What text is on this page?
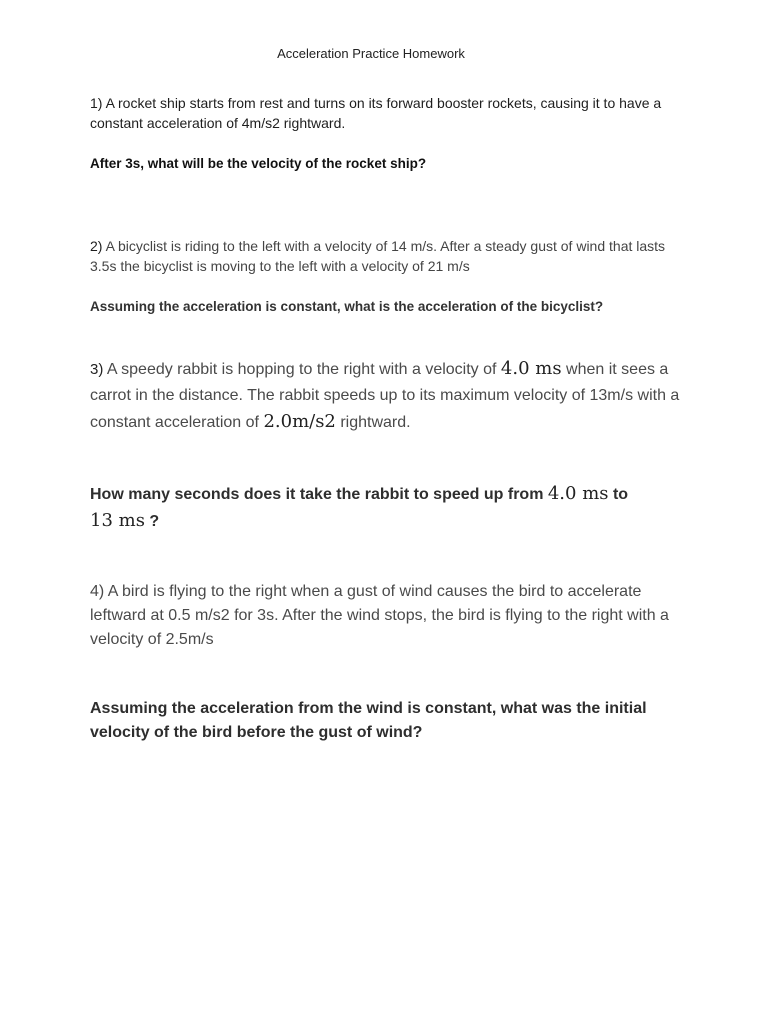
Acceleration Practice Homework
1) A rocket ship starts from rest and turns on its forward booster rockets, causing it to have a constant acceleration of 4m/s2 rightward.
After 3s, what will be the velocity of the rocket ship?
2) A bicyclist is riding to the left with a velocity of 14 m/s. After a steady gust of wind that lasts 3.5s the bicyclist is moving to the left with a velocity of 21 m/s
Assuming the acceleration is constant, what is the acceleration of the bicyclist?
3) A speedy rabbit is hopping to the right with a velocity of 4.0 ms when it sees a carrot in the distance. The rabbit speeds up to its maximum velocity of 13m/s with a constant acceleration of 2.0m/s2 rightward.
How many seconds does it take the rabbit to speed up from 4.0 ms to
13 ms ?
4) A bird is flying to the right when a gust of wind causes the bird to accelerate leftward at 0.5 m/s2 for 3s. After the wind stops, the bird is flying to the right with a velocity of 2.5m/s
Assuming the acceleration from the wind is constant, what was the initial velocity of the bird before the gust of wind?
